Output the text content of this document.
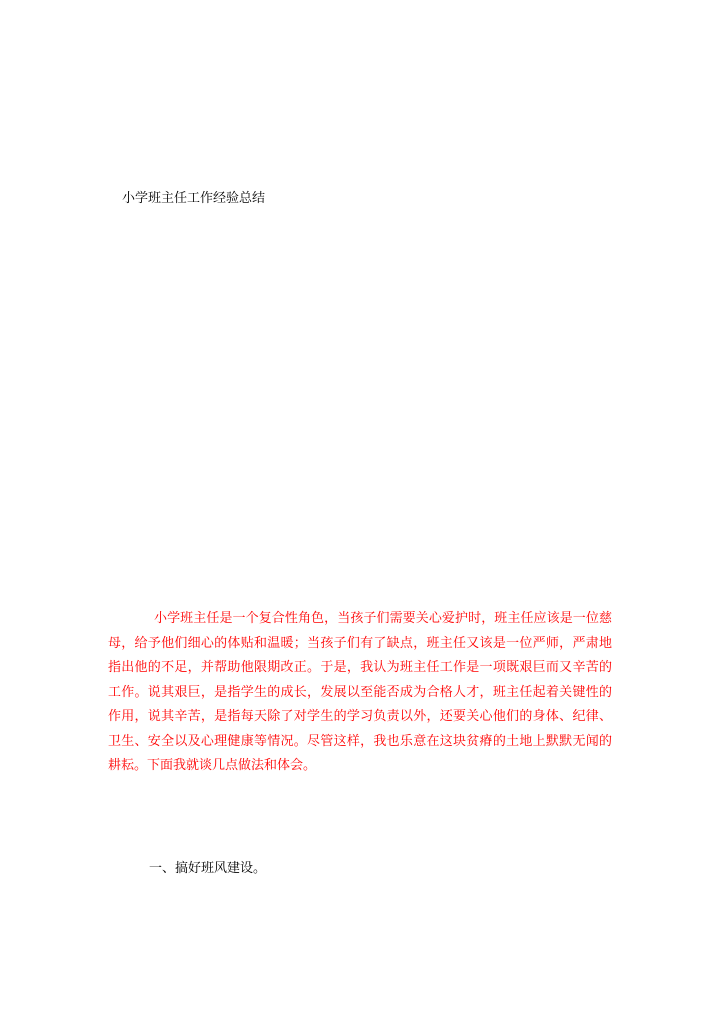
小学班主任工作经验总结

小学班主任是一个复合性角色，当孩子们需要关心爱护时，班主任应该是一位慈母，给予他们细心的体贴和温暖；当孩子们有了缺点，班主任又该是一位严师，严肃地指出他的不足，并帮助他限期改正。于是，我认为班主任工作是一项既艰巨而又辛苦的工作。说其艰巨，是指学生的成长，发展以至能否成为合格人才，班主任起着关键性的作用，说其辛苦，是指每天除了对学生的学习负责以外，还要关心他们的身体、纪律、卫生、安全以及心理健康等情况。尽管这样，我也乐意在这块贫瘠的土地上默默无闻的耕耘。下面我就谈几点做法和体会。

一、搞好班风建设。
